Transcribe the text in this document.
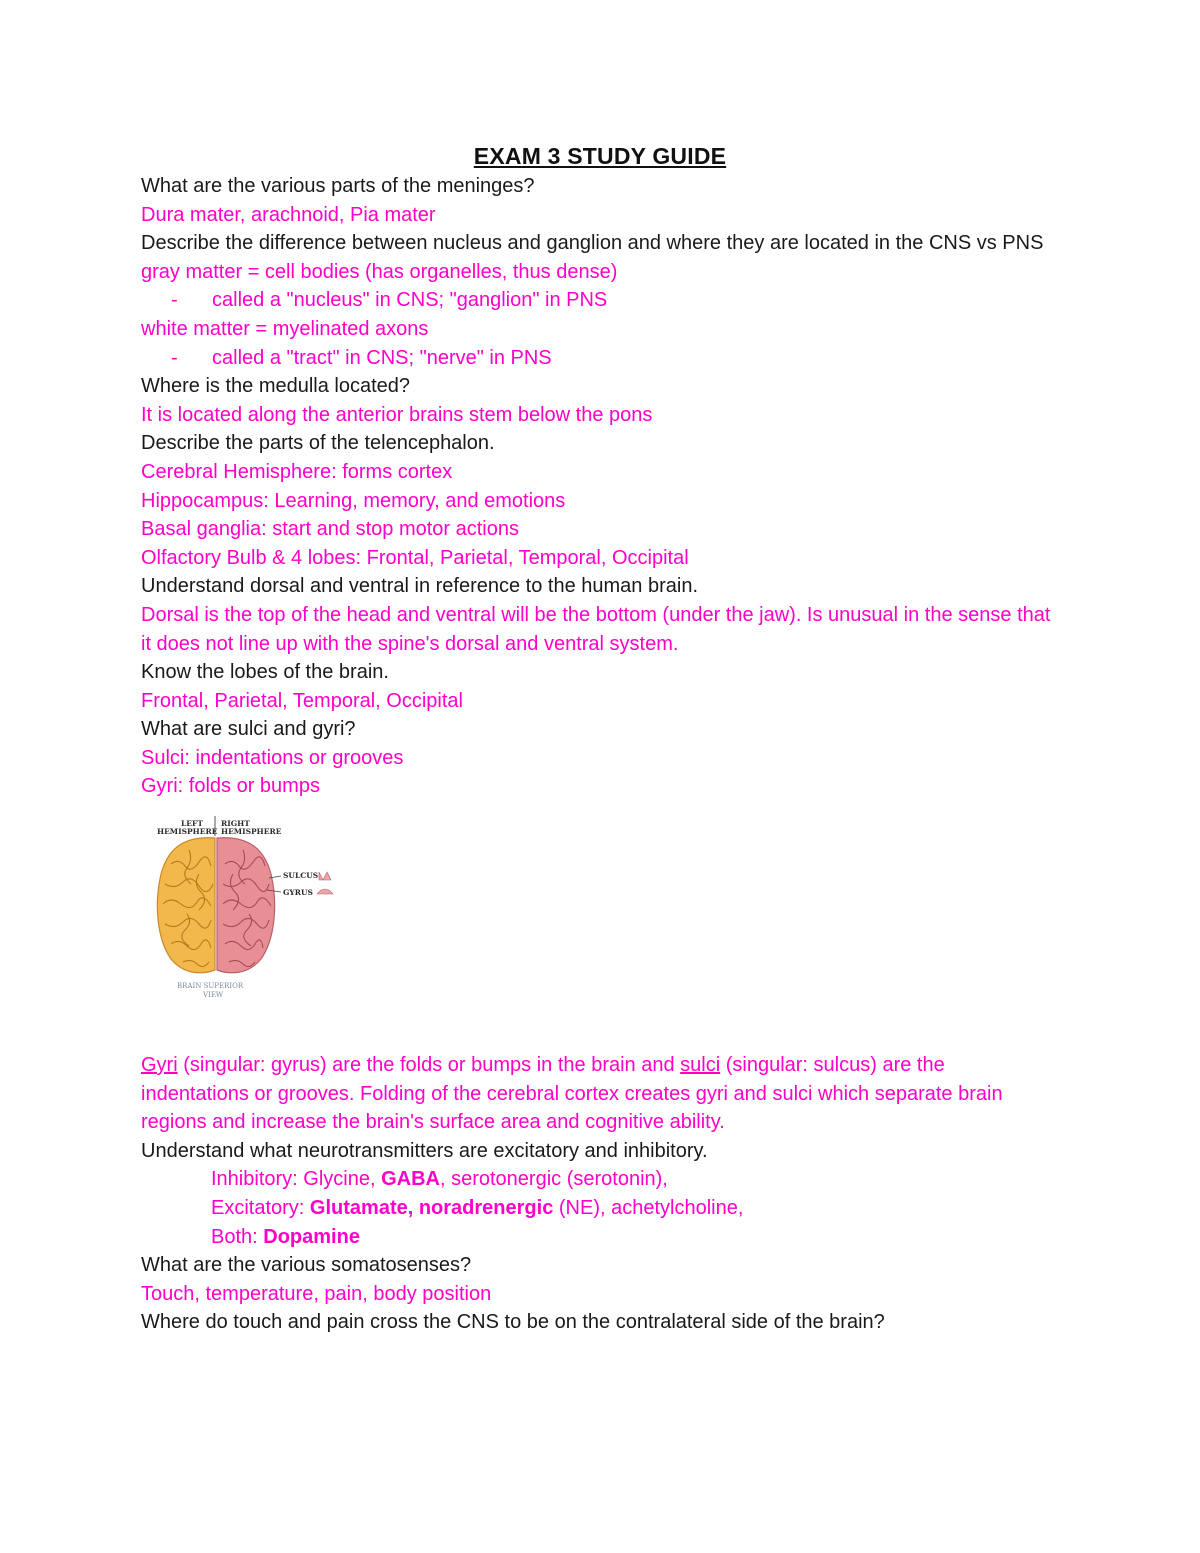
EXAM 3 STUDY GUIDE
What are the various parts of the meninges?
Dura mater, arachnoid, Pia mater
Describe the difference between nucleus and ganglion and where they are located in the CNS vs PNS
gray matter = cell bodies (has organelles, thus dense)
- called a "nucleus" in CNS; "ganglion" in PNS
white matter = myelinated axons
- called a "tract" in CNS; "nerve" in PNS
Where is the medulla located?
It is located along the anterior brains stem below the pons
Describe the parts of the telencephalon.
Cerebral Hemisphere: forms cortex
Hippocampus: Learning, memory, and emotions
Basal ganglia: start and stop motor actions
Olfactory Bulb & 4 lobes: Frontal, Parietal, Temporal, Occipital
Understand dorsal and ventral in reference to the human brain.
Dorsal is the top of the head and ventral will be the bottom (under the jaw). Is unusual in the sense that it does not line up with the spine's dorsal and ventral system.
Know the lobes of the brain.
Frontal, Parietal, Temporal, Occipital
What are sulci and gyri?
Sulci: indentations or grooves
Gyri: folds or bumps
LEFT
HEMISPHERE
RIGHT
HEMISPHERE
SULCUS
GYRUS
BRAIN SUPERIOR
VIEW
Gyri (singular: gyrus) are the folds or bumps in the brain and sulci (singular: sulcus) are the indentations or grooves. Folding of the cerebral cortex creates gyri and sulci which separate brain regions and increase the brain's surface area and cognitive ability.
Understand what neurotransmitters are excitatory and inhibitory.
Inhibitory: Glycine, GABA, serotonergic (serotonin),
Excitatory: Glutamate, noradrenergic (NE), achetylcholine,
Both: Dopamine
What are the various somatosenses?
Touch, temperature, pain, body position
Where do touch and pain cross the CNS to be on the contralateral side of the brain?
